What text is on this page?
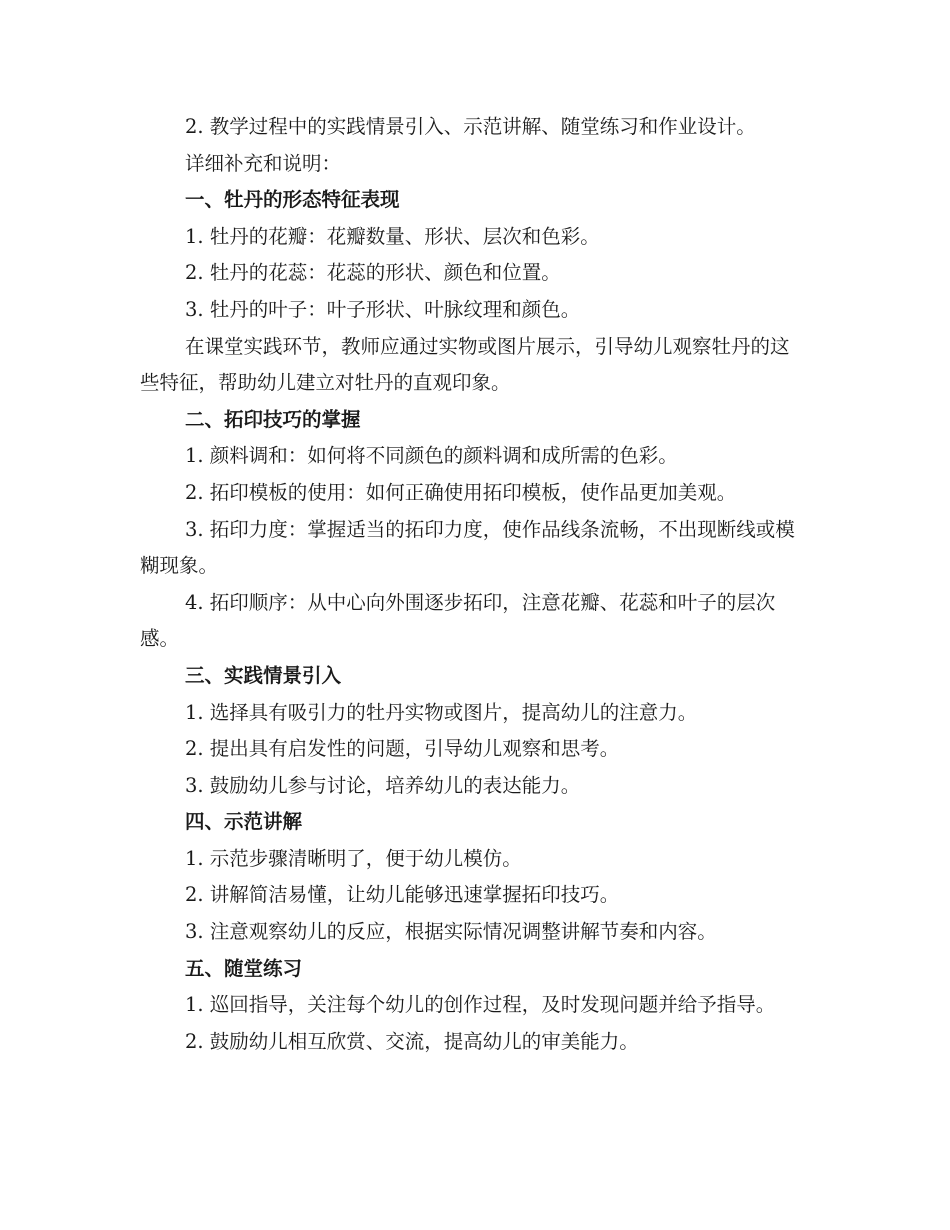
2. 教学过程中的实践情景引入、示范讲解、随堂练习和作业设计。

详细补充和说明：

一、牡丹的形态特征表现

1. 牡丹的花瓣：花瓣数量、形状、层次和色彩。

2. 牡丹的花蕊：花蕊的形状、颜色和位置。

3. 牡丹的叶子：叶子形状、叶脉纹理和颜色。

在课堂实践环节，教师应通过实物或图片展示，引导幼儿观察牡丹的这些特征，帮助幼儿建立对牡丹的直观印象。

二、拓印技巧的掌握

1. 颜料调和：如何将不同颜色的颜料调和成所需的色彩。

2. 拓印模板的使用：如何正确使用拓印模板，使作品更加美观。

3. 拓印力度：掌握适当的拓印力度，使作品线条流畅，不出现断线或模糊现象。

4. 拓印顺序：从中心向外围逐步拓印，注意花瓣、花蕊和叶子的层次感。

三、实践情景引入

1. 选择具有吸引力的牡丹实物或图片，提高幼儿的注意力。

2. 提出具有启发性的问题，引导幼儿观察和思考。

3. 鼓励幼儿参与讨论，培养幼儿的表达能力。

四、示范讲解

1. 示范步骤清晰明了，便于幼儿模仿。

2. 讲解简洁易懂，让幼儿能够迅速掌握拓印技巧。

3. 注意观察幼儿的反应，根据实际情况调整讲解节奏和内容。

五、随堂练习

1. 巡回指导，关注每个幼儿的创作过程，及时发现问题并给予指导。

2. 鼓励幼儿相互欣赏、交流，提高幼儿的审美能力。
